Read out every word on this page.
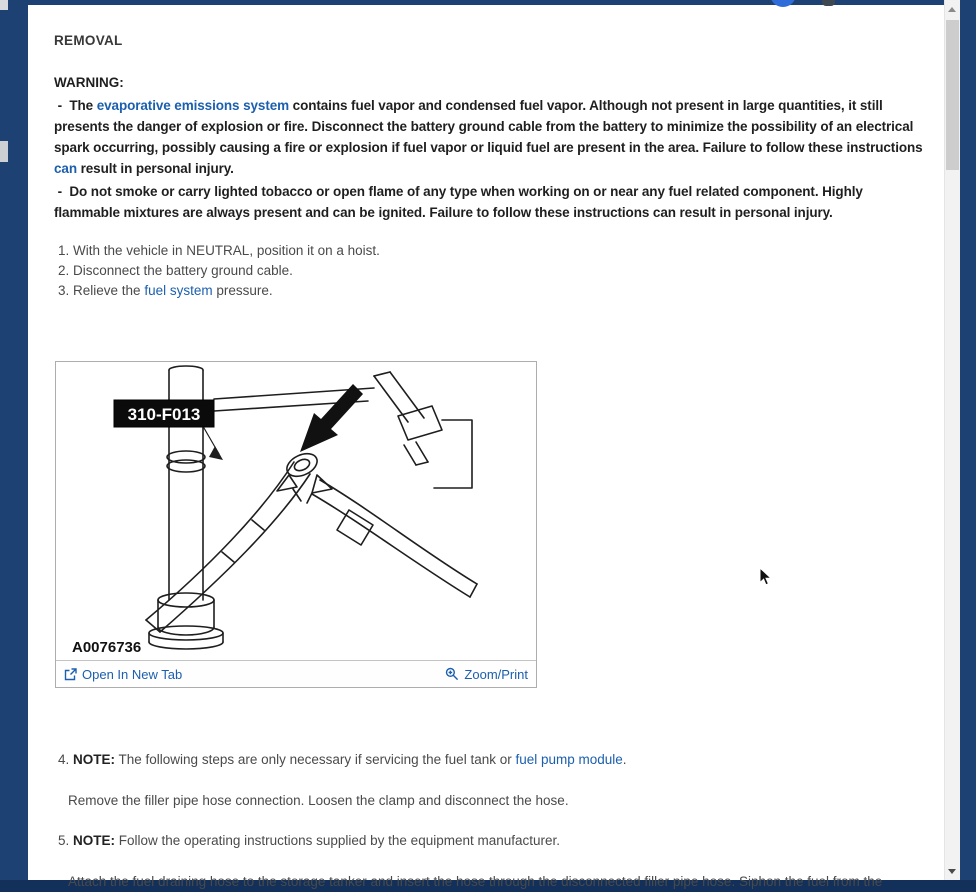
REMOVAL

WARNING:

-  The evaporative emissions system contains fuel vapor and condensed fuel vapor. Although not present in large quantities, it still presents the danger of explosion or fire. Disconnect the battery ground cable from the battery to minimize the possibility of an electrical spark occurring, possibly causing a fire or explosion if fuel vapor or liquid fuel are present in the area. Failure to follow these instructions can result in personal injury.

-  Do not smoke or carry lighted tobacco or open flame of any type when working on or near any fuel related component. Highly flammable mixtures are always present and can be ignited. Failure to follow these instructions can result in personal injury.

1. With the vehicle in NEUTRAL, position it on a hoist.

2. Disconnect the battery ground cable.

3. Relieve the fuel system pressure.

310-F013
A0076736
Open In New Tab	Zoom/Print

4. NOTE: The following steps are only necessary if servicing the fuel tank or fuel pump module.

Remove the filler pipe hose connection. Loosen the clamp and disconnect the hose.

5. NOTE: Follow the operating instructions supplied by the equipment manufacturer.

Attach the fuel draining hose to the storage tanker and insert the hose through the disconnected filler pipe hose. Siphon the fuel from the
